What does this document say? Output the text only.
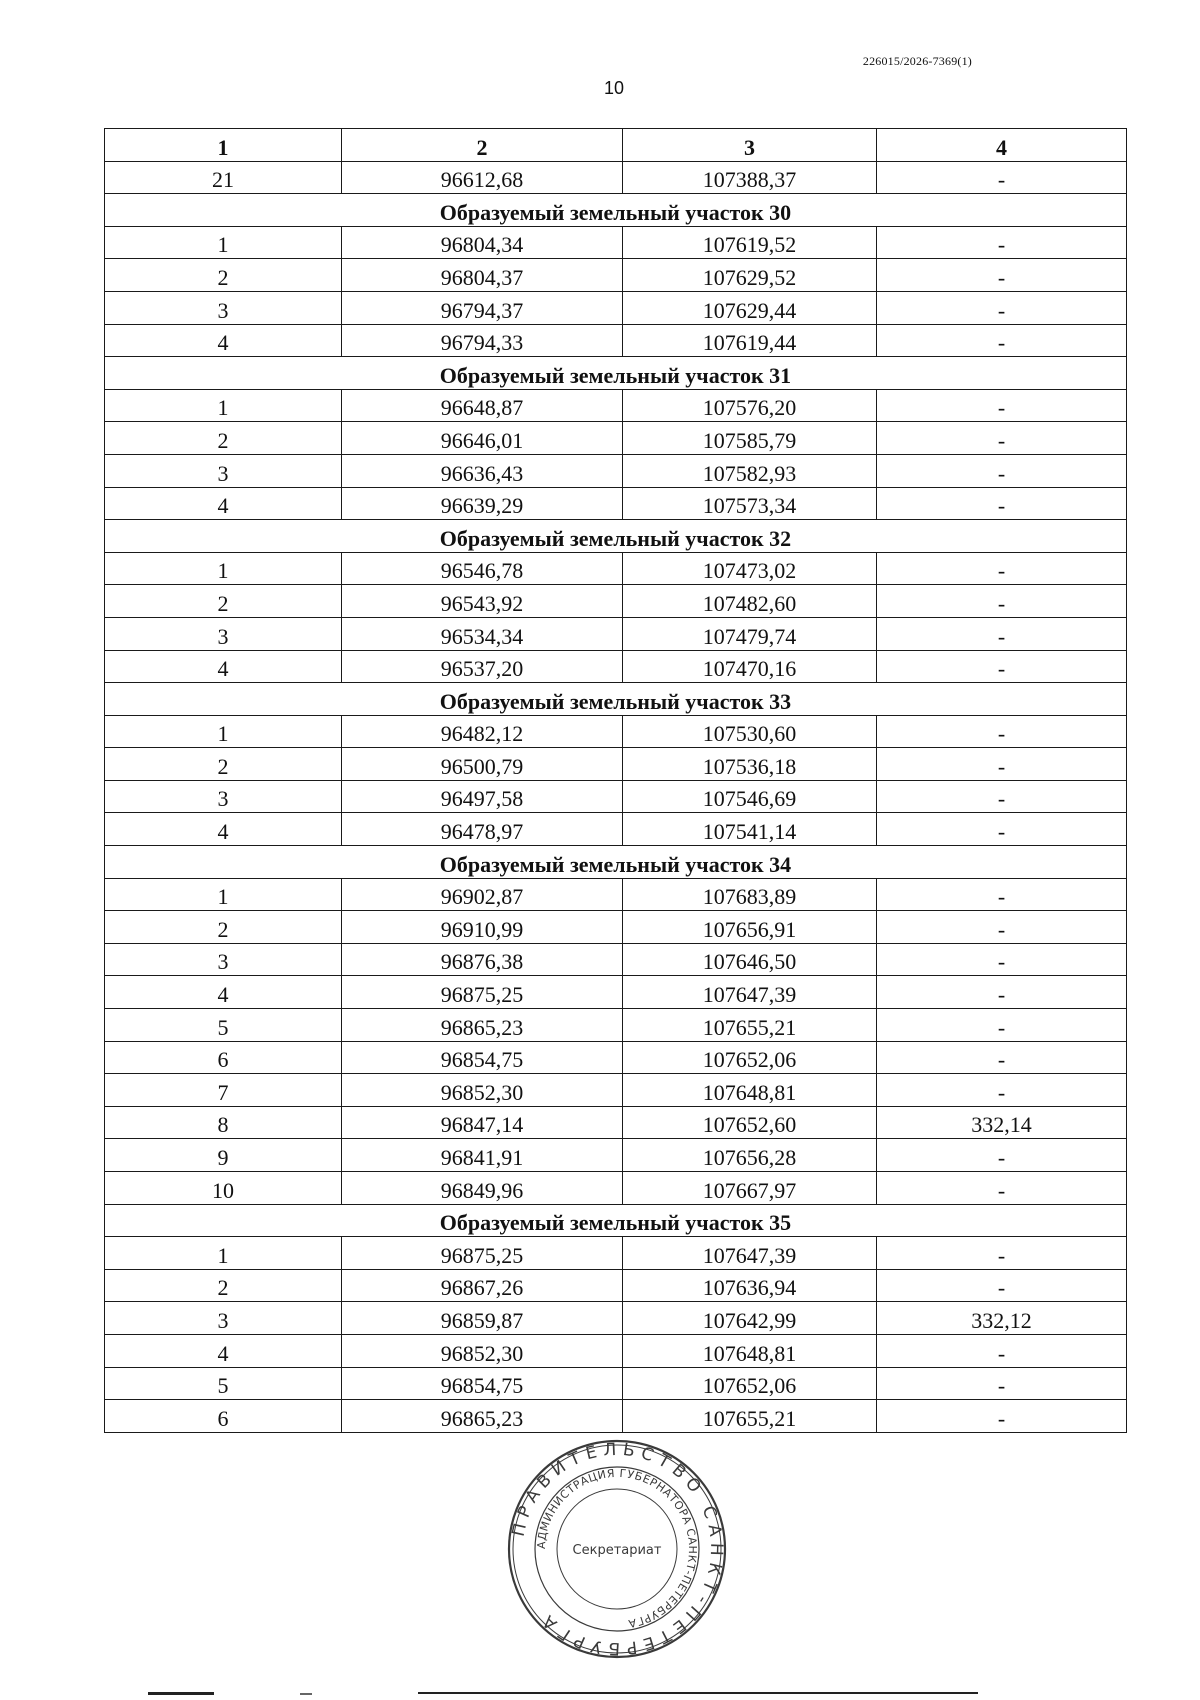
226015/2026-7369(1)
10
1	2	3	4
21	96612,68	107388,37	-
Образуемый земельный участок 30			
1	96804,34	107619,52	-
2	96804,37	107629,52	-
3	96794,37	107629,44	-
4	96794,33	107619,44	-
Образуемый земельный участок 31			
1	96648,87	107576,20	-
2	96646,01	107585,79	-
3	96636,43	107582,93	-
4	96639,29	107573,34	-
Образуемый земельный участок 32			
1	96546,78	107473,02	-
2	96543,92	107482,60	-
3	96534,34	107479,74	-
4	96537,20	107470,16	-
Образуемый земельный участок 33			
1	96482,12	107530,60	-
2	96500,79	107536,18	-
3	96497,58	107546,69	-
4	96478,97	107541,14	-
Образуемый земельный участок 34			
1	96902,87	107683,89	-
2	96910,99	107656,91	-
3	96876,38	107646,50	-
4	96875,25	107647,39	-
5	96865,23	107655,21	-
6	96854,75	107652,06	-
7	96852,30	107648,81	-
8	96847,14	107652,60	332,14
9	96841,91	107656,28	-
10	96849,96	107667,97	-
Образуемый земельный участок 35			
1	96875,25	107647,39	-
2	96867,26	107636,94	-
3	96859,87	107642,99	332,12
4	96852,30	107648,81	-
5	96854,75	107652,06	-
6	96865,23	107655,21	-
ПРАВИТЕЛЬСТВО САНКТ-ПЕТЕРБУРГА
АДМИНИСТРАЦИЯ ГУБЕРНАТОРА САНКТ-ПЕТЕРБУРГА
Секретариат
